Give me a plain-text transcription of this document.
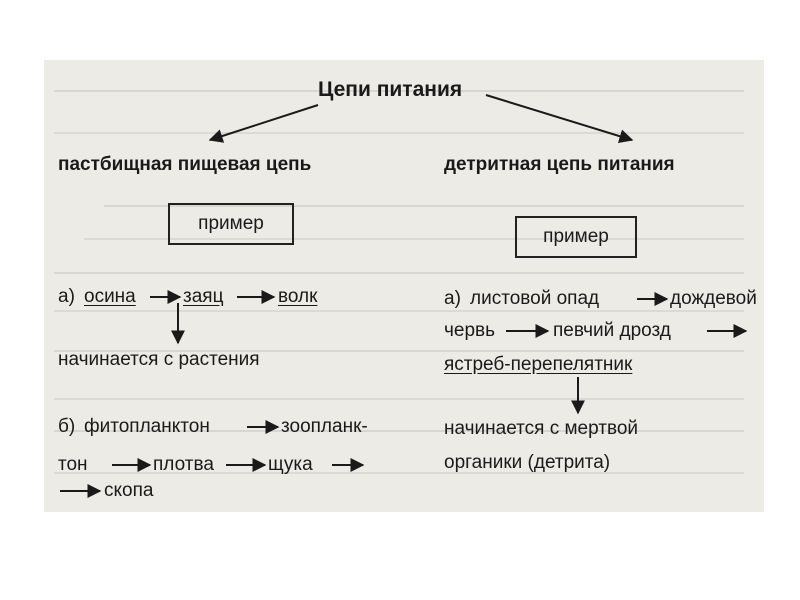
Цепи питания
пастбищная пищевая цепь	детритная цепь питания
пример
пример
а) осина заяц	волк
начинается с растения
б) фитопланктон	зоопланк-
тон	плотва	щука
скопа
а) листовой опад	дождевой
червь	певчий дрозд
ястреб-перепелятник
начинается с мертвой
органики (детрита)
